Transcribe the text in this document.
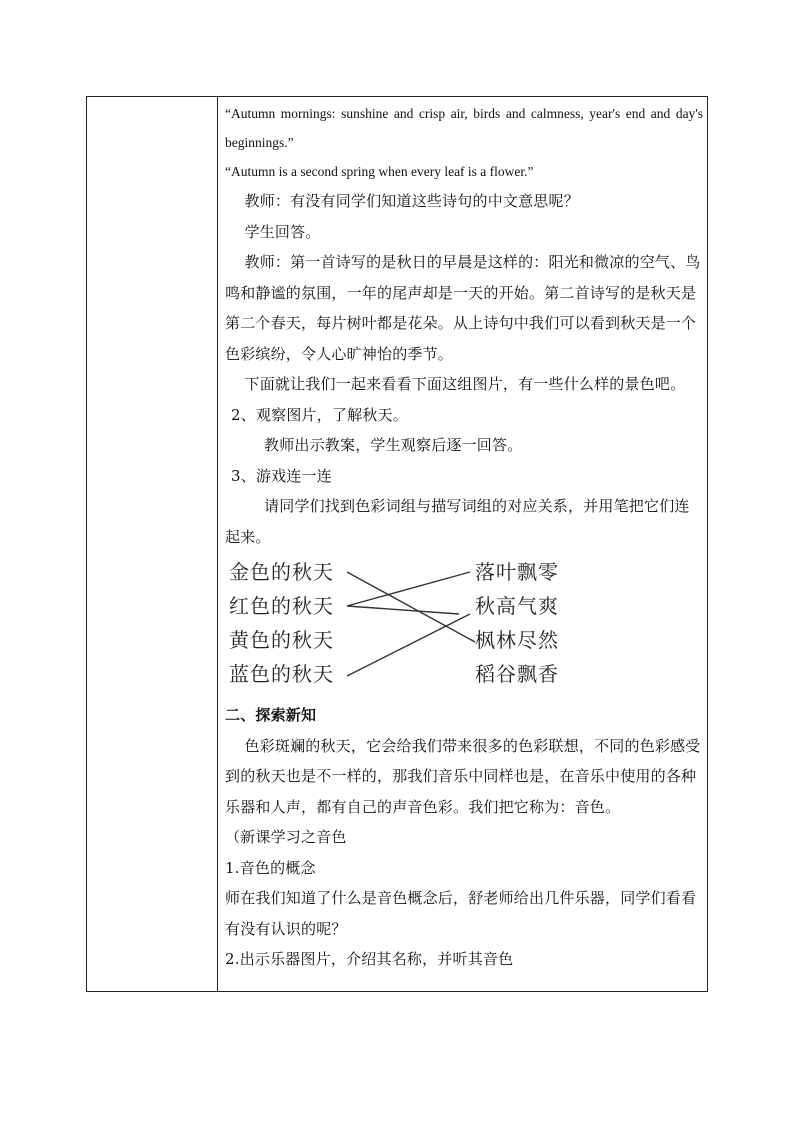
“Autumn mornings: sunshine and crisp air, birds and calmness, year's end and day's beginnings.”

“Autumn is a second spring when every leaf is a flower.”

教师：有没有同学们知道这些诗句的中文意思呢？

学生回答。

教师：第一首诗写的是秋日的早晨是这样的：阳光和微凉的空气、鸟鸣和静谧的氛围，一年的尾声却是一天的开始。第二首诗写的是秋天是第二个春天，每片树叶都是花朵。从上诗句中我们可以看到秋天是一个色彩缤纷，令人心旷神怡的季节。

下面就让我们一起来看看下面这组图片，有一些什么样的景色吧。

2、观察图片，了解秋天。

教师出示教案，学生观察后逐一回答。

3、游戏连一连

请同学们找到色彩词组与描写词组的对应关系，并用笔把它们连起来。

金色的秋天
红色的秋天
黄色的秋天
蓝色的秋天
落叶飘零
秋高气爽
枫林尽然
稻谷飘香

二、探索新知

色彩斑斓的秋天，它会给我们带来很多的色彩联想，不同的色彩感受到的秋天也是不一样的，那我们音乐中同样也是，在音乐中使用的各种乐器和人声，都有自己的声音色彩。我们把它称为：音色。

（新课学习之音色

1.音色的概念

师在我们知道了什么是音色概念后，舒老师给出几件乐器，同学们看看有没有认识的呢？

2.出示乐器图片，介绍其名称，并听其音色
